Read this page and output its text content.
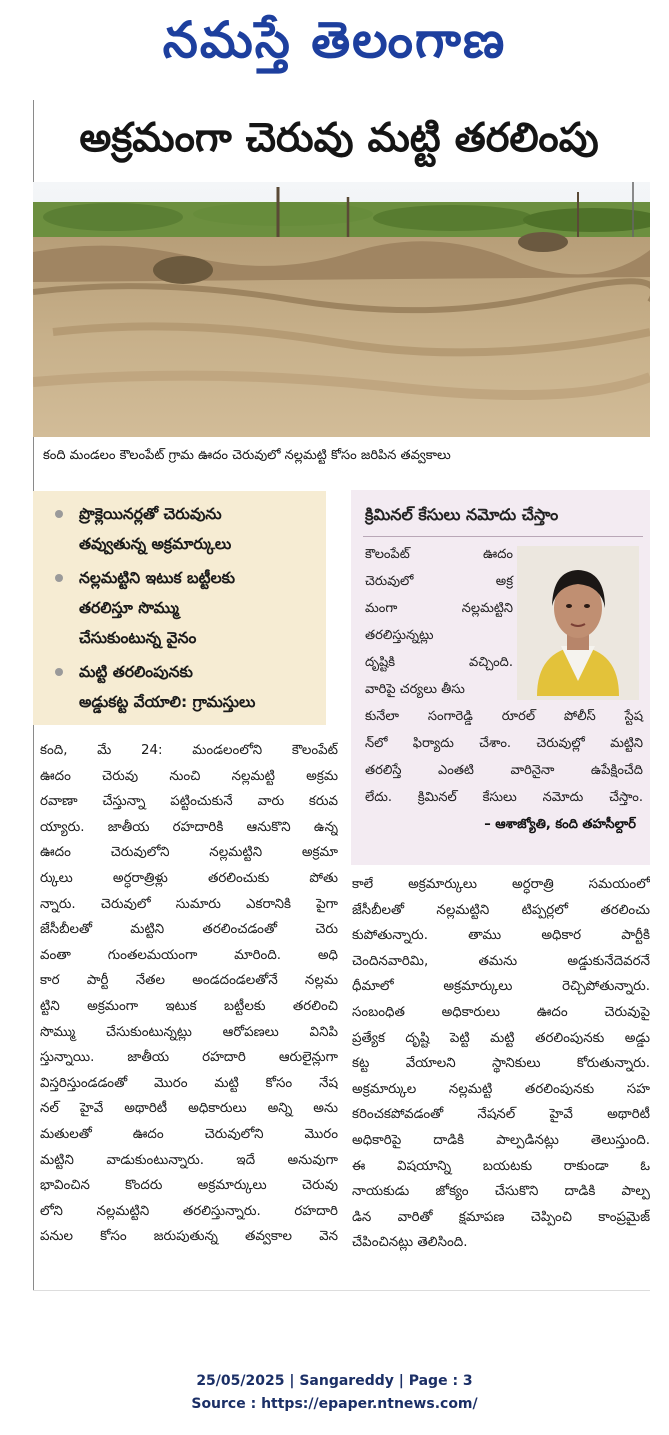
నమస్తే తెలంగాణ
అక్రమంగా చెరువు మట్టి తరలింపు
కంది మండలం కౌలంపేట్‌ గ్రామ ఊదం చెరువులో నల్లమట్టి కోసం జరిపిన తవ్వకాలు
ప్రొక్లెయినర్లతో చెరువును
తవ్వుతున్న అక్రమార్కులు
నల్లమట్టిని ఇటుక బట్టీలకు
తరలిస్తూ సొమ్ము
చేసుకుంటున్న వైనం
మట్టి తరలింపునకు
అడ్డుకట్ట వేయాలి: గ్రామస్తులు
క్రిమినల్‌ కేసులు నమోదు చేస్తాం
కౌలంపేట్‌ ఊదం
చెరువులో అక్ర
మంగా నల్లమట్టిని
తరలిస్తున్నట్లు
దృష్టికి వచ్చింది.
వారిపై చర్యలు తీసు
కునేలా సంగారెడ్డి రూరల్‌ పోలీస్‌ స్టేష
న్‌లో ఫిర్యాదు చేశాం. చెరువుల్లో మట్టిని
తరలిస్తే ఎంతటి వారినైనా ఉపేక్షించేది
లేదు. క్రిమినల్‌ కేసులు నమోదు చేస్తాం.
– ఆశాజ్యోతి, కంది తహసీల్దార్‌
కంది, మే 24: మండలంలోని కౌలంపేట్‌
ఊదం చెరువు నుంచి నల్లమట్టి అక్రమ
రవాణా చేస్తున్నా పట్టించుకునే వారు కరువ
య్యారు. జాతీయ రహదారికి ఆనుకొని ఉన్న
ఊదం చెరువులోని నల్లమట్టిని అక్రమా
ర్కులు అర్ధరాత్రిళ్లు తరలించుకు పోతు
న్నారు. చెరువులో సుమారు ఎకరానికి పైగా
జేసీబీలతో మట్టిని తరలించడంతో చెరు
వంతా గుంతలమయంగా మారింది. అధి
కార పార్టీ నేతల అండదండలతోనే నల్లమ
ట్టిని అక్రమంగా ఇటుక బట్టీలకు తరలించి
సొమ్ము చేసుకుంటున్నట్లు ఆరోపణలు వినిపి
స్తున్నాయి. జాతీయ రహదారి ఆరులైన్లుగా
విస్తరిస్తుండడంతో మొరం మట్టి కోసం నేష
నల్‌ హైవే అథారిటీ అధికారులు అన్ని అను
మతులతో ఊదం చెరువులోని మొరం
మట్టిని వాడుకుంటున్నారు. ఇదే అనువుగా
భావించిన కొందరు అక్రమార్కులు చెరువు
లోని నల్లమట్టిని తరలిస్తున్నారు. రహదారి
పనుల కోసం జరుపుతున్న తవ్వకాల వెన
కాలే అక్రమార్కులు అర్ధరాత్రి సమయంలో
జేసీబీలతో నల్లమట్టిని టిప్పర్లలో తరలించు
కుపోతున్నారు. తాము అధికార పార్టీకి
చెందినవారిమి, తమను అడ్డుకునేదెవరనే
ధీమాలో అక్రమార్కులు రెచ్చిపోతున్నారు.
సంబంధిత అధికారులు ఊదం చెరువుపై
ప్రత్యేక దృష్టి పెట్టి మట్టి తరలింపునకు అడ్డు
కట్ట వేయాలని స్థానికులు కోరుతున్నారు.
అక్రమార్కుల నల్లమట్టి తరలింపునకు సహ
కరించకపోవడంతో నేషనల్‌ హైవే అథారిటీ
అధికారిపై దాడికి పాల్పడినట్లు తెలుస్తుంది.
ఈ విషయాన్ని బయటకు రాకుండా ఓ
నాయకుడు జోక్యం చేసుకొని దాడికి పాల్ప
డిన వారితో క్షమాపణ చెప్పించి కాంప్రమైజ్‌
చేపించినట్లు తెలిసింది.
25/05/2025 | Sangareddy | Page : 3
Source : https://epaper.ntnews.com/
